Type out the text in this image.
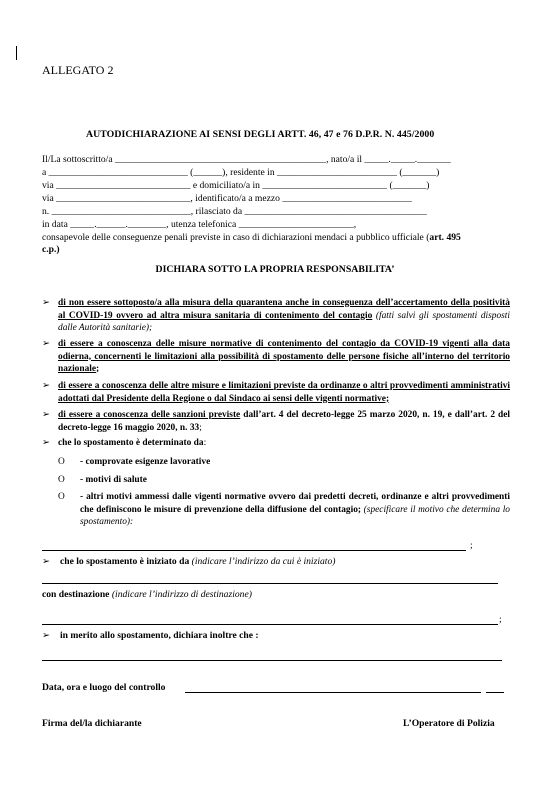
ALLEGATO 2
AUTODICHIARAZIONE AI SENSI DEGLI ARTT. 46, 47 e 76 D.P.R. N. 445/2000
Il/La sottoscritto/a ____________________________________________, nato/a il _____._____._______
a _____________________________ (______), residente in _________________________ (_______)
via ____________________________ e domiciliato/a in __________________________ (_______)
via ____________________________, identificato/a a mezzo ___________________________
n. _____________________________, rilasciato da ______________________________________
in data _____.______.________, utenza telefonica ________________________,
consapevole delle conseguenze penali previste in caso di dichiarazioni mendaci a pubblico ufficiale (art. 495
c.p.)
DICHIARA SOTTO LA PROPRIA RESPONSABILITA’
➢ di non essere sottoposto/a alla misura della quarantena anche in conseguenza dell’accertamento della positività al COVID-19 ovvero ad altra misura sanitaria di contenimento del contagio (fatti salvi gli spostamenti disposti dalle Autorità sanitarie);
➢ di essere a conoscenza delle misure normative di contenimento del contagio da COVID-19 vigenti alla data odierna, concernenti le limitazioni alla possibilità di spostamento delle persone fisiche all’interno del territorio nazionale;
➢ di essere a conoscenza delle altre misure e limitazioni previste da ordinanze o altri provvedimenti amministrativi adottati dal Presidente della Regione o dal Sindaco ai sensi delle vigenti normative;
➢ di essere a conoscenza delle sanzioni previste dall’art. 4 del decreto-legge 25 marzo 2020, n. 19, e dall’art. 2 del decreto-legge 16 maggio 2020, n. 33;
➢ che lo spostamento è determinato da:
O - comprovate esigenze lavorative
O - motivi di salute
O - altri motivi ammessi dalle vigenti normative ovvero dai predetti decreti, ordinanze e altri provvedimenti che definiscono le misure di prevenzione della diffusione del contagio; (specificare il motivo che determina lo spostamento):
;
➢ che lo spostamento è iniziato da (indicare l’indirizzo da cui è iniziato)
con destinazione (indicare l’indirizzo di destinazione)
;
➢ in merito allo spostamento, dichiara inoltre che :
Data, ora e luogo del controllo
Firma del/la dichiarante	L’Operatore di Polizia
